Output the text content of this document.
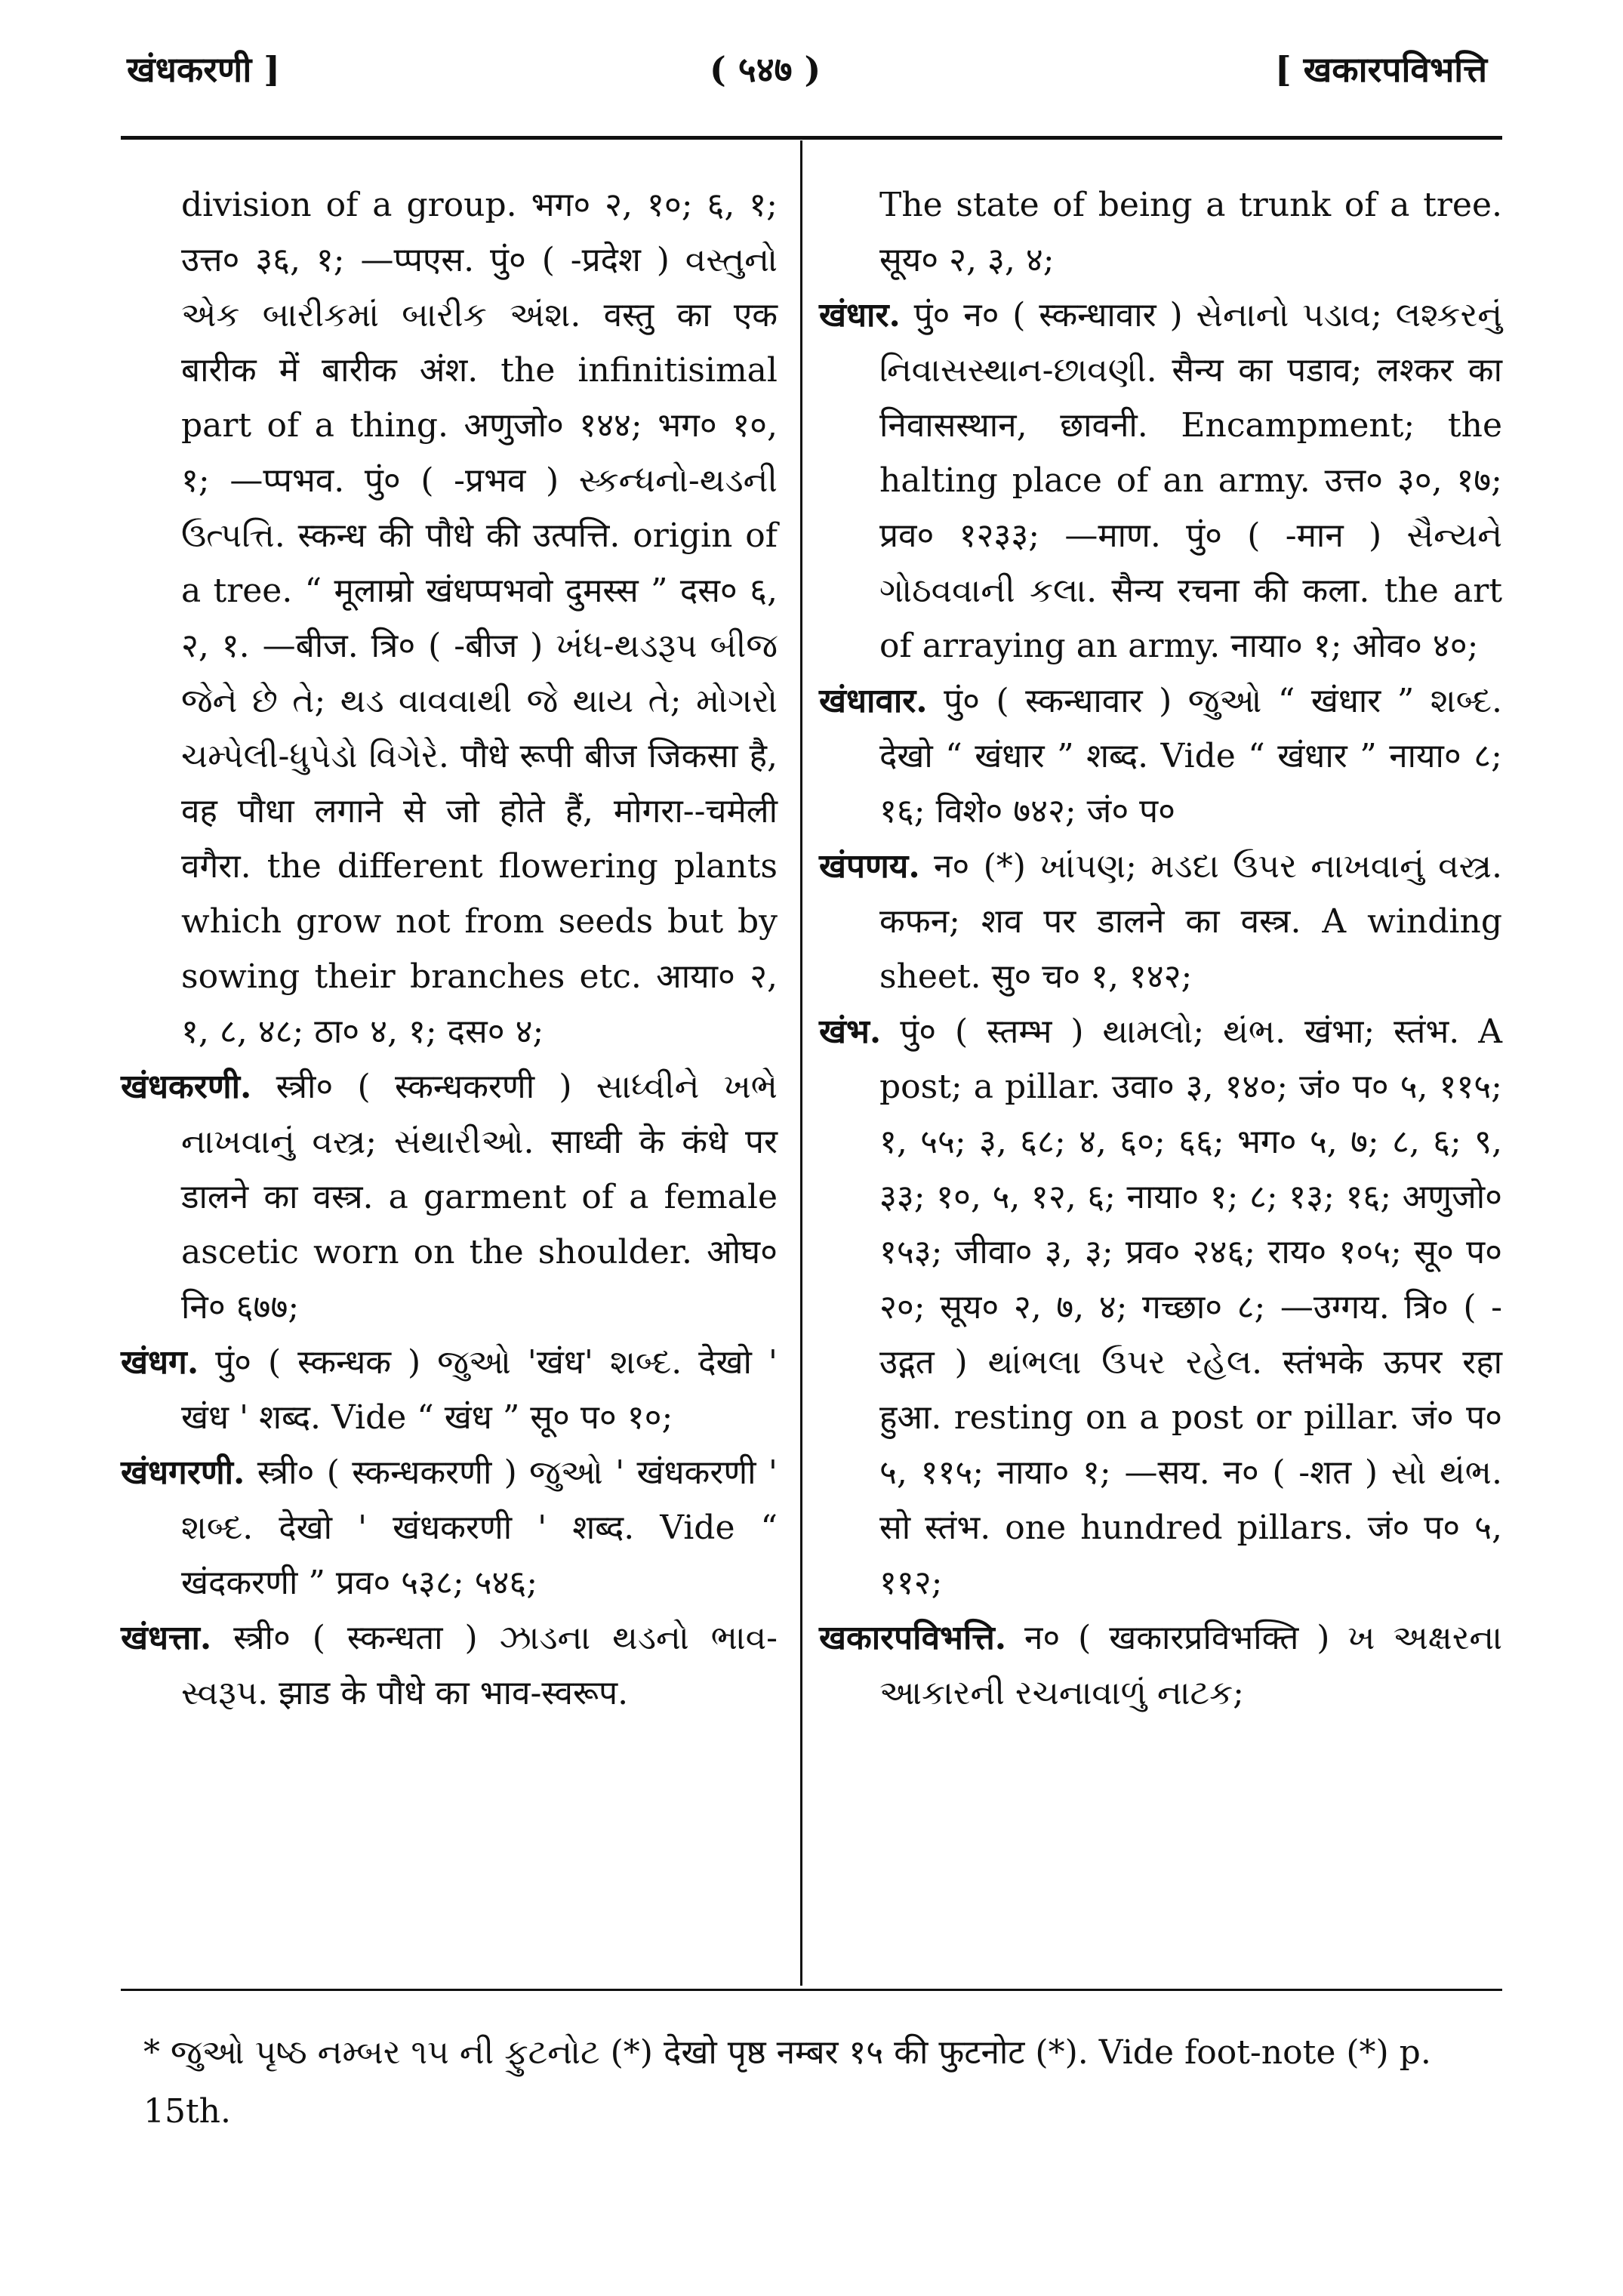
खंधकरणी ]	( ५४७ )	[ खकारपविभत्ति

division of a group. भग० २, १०; ६, १; उत्त० ३६, १; —प्पएस. पुं० ( -प्रदेश ) વસ્તુનો એક બારીકમાં બારીક અંશ. वस्तु का एक बारीक में बारीक अंश. the infinitisimal part of a thing. अणुजो० १४४; भग० १०, १; —प्पभव. पुं० ( -प्रभव ) સ્કન્ધનો-થડની ઉત્પત્તિ. स्कन्ध की पौधे की उत्पत्ति. origin of a tree. “ मूलाम्रो खंधप्पभवो दुमस्स ” दस० ६, २, १. —बीज. त्रि० ( -बीज ) ખંધ-થડરૂપ બીજ જેને છે તે; થડ વાવવાથી જે થાય તે; મોગરો ચમ્પેલી-ધુપેડો વિગેરે. पौधे रूपी बीज जिकसा है, वह पौधा लगाने से जो होते हैं, मोगरा--चमेली वगैरा. the different flowering plants which grow not from seeds but by sowing their branches etc. आया० २, १, ८, ४८; ठा० ४, १; दस० ४;

खंधकरणी. स्त्री० ( स्कन्धकरणी ) સાધ્વીને ખભે નાખવાનું વસ્ત્ર; સંથારીઓ. साध्वी के कंधे पर डालने का वस्त्र. a garment of a female ascetic worn on the shoulder. ओघ० नि० ६७७;

खंधग. पुं० ( स्कन्धक ) જુઓ 'खंध' શબ્દ. देखो ' खंध ' शब्द. Vide “ खंध ” सू० प० १०;

खंधगरणी. स्त्री० ( स्कन्धकरणी ) જુઓ ' खंधकरणी ' શબ્દ. देखो ' खंधकरणी ' शब्द. Vide “ खंदकरणी ” प्रव० ५३८; ५४६;

खंधत्ता. स्त्री० ( स्कन्धता ) ઝાડના થડનો ભાવ-સ્વરૂપ. झाड के पौधे का भाव-स्वरूप.

The state of being a trunk of a tree. सूय० २, ३, ४;

खंधार. पुं० न० ( स्कन्धावार ) સેનાનો પડાવ; લશ્કરનું નિવાસસ્થાન-છાવણી. सैन्य का पडाव; लश्कर का निवासस्थान, छावनी. Encampment; the halting place of an army. उत्त० ३०, १७; प्रव० १२३३; —माण. पुं० ( -मान ) સૈન્યને ગોઠવવાની કલા. सैन्य रचना की कला. the art of arraying an army. नाया० १; ओव० ४०;

खंधावार. पुं० ( स्कन्धावार ) જુઓ “ खंधार ” શબ્દ. देखो “ खंधार ” शब्द. Vide “ खंधार ” नाया० ८; १६; विशे० ७४२; जं० प०

खंपणय. न० (*) ખાંપણ; મડદા ઉપર નાખવાનું વસ્ત્ર. कफन; शव पर डालने का वस्त्र. A winding sheet. सु० च० १, १४२;

खंभ. पुं० ( स्तम्भ ) થામલો; થંભ. खंभा; स्तंभ. A post; a pillar. उवा० ३, १४०; जं० प० ५, ११५; १, ५५; ३, ६८; ४, ६०; ६६; भग० ५, ७; ८, ६; ९, ३३; १०, ५, १२, ६; नाया० १; ८; १३; १६; अणुजो० १५३; जीवा० ३, ३; प्रव० २४६; राय० १०५; सू० प० २०; सूय० २, ७, ४; गच्छा० ८; —उग्गय. त्रि० ( -उद्गत ) થાંભલા ઉપર રહેલ. स्तंभके ऊपर रहा हुआ. resting on a post or pillar. जं० प० ५, ११५; नाया० १; —सय. न० ( -शत ) સો થંભ. सो स्तंभ. one hundred pillars. जं० प० ५, ११२;

खकारपविभत्ति. न० ( खकारप्रविभक्ति ) ખ અક્ષરના આકારની રચનાવાળું નાટક;

* જુઓ પૃષ્ઠ નમ્બર ૧૫ ની ફુટનોટ (*) देखो पृष्ठ नम्बर १५ की फुटनोट (*). Vide foot-note (*) p. 15th.
